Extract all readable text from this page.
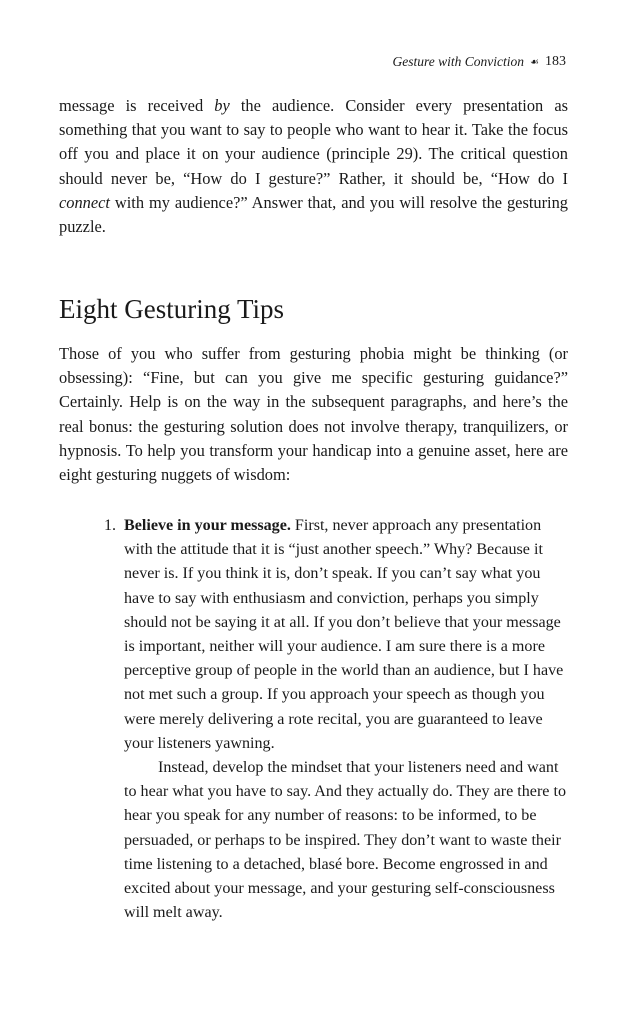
Gesture with Conviction ☙ 183

message is received by the audience. Consider every presentation as something that you want to say to people who want to hear it. Take the focus off you and place it on your audience (principle 29). The critical question should never be, “How do I gesture?” Rather, it should be, “How do I connect with my audience?” Answer that, and you will resolve the gesturing puzzle.

Eight Gesturing Tips

Those of you who suffer from gesturing phobia might be thinking (or obsessing): “Fine, but can you give me specific gesturing guidance?” Certainly. Help is on the way in the subsequent paragraphs, and here’s the real bonus: the gesturing solution does not involve therapy, tranquilizers, or hypnosis. To help you transform your handicap into a genuine asset, here are eight gesturing nuggets of wisdom:

1. Believe in your message. First, never approach any presentation with the attitude that it is “just another speech.” Why? Because it never is. If you think it is, don’t speak. If you can’t say what you have to say with enthusiasm and conviction, perhaps you simply should not be saying it at all. If you don’t believe that your message is important, neither will your audience. I am sure there is a more perceptive group of people in the world than an audience, but I have not met such a group. If you approach your speech as though you were merely delivering a rote recital, you are guaranteed to leave your listeners yawning.

Instead, develop the mindset that your listeners need and want to hear what you have to say. And they actually do. They are there to hear you speak for any number of reasons: to be informed, to be persuaded, or perhaps to be inspired. They don’t want to waste their time listening to a detached, blasé bore. Become engrossed in and excited about your message, and your gesturing self-consciousness will melt away.
